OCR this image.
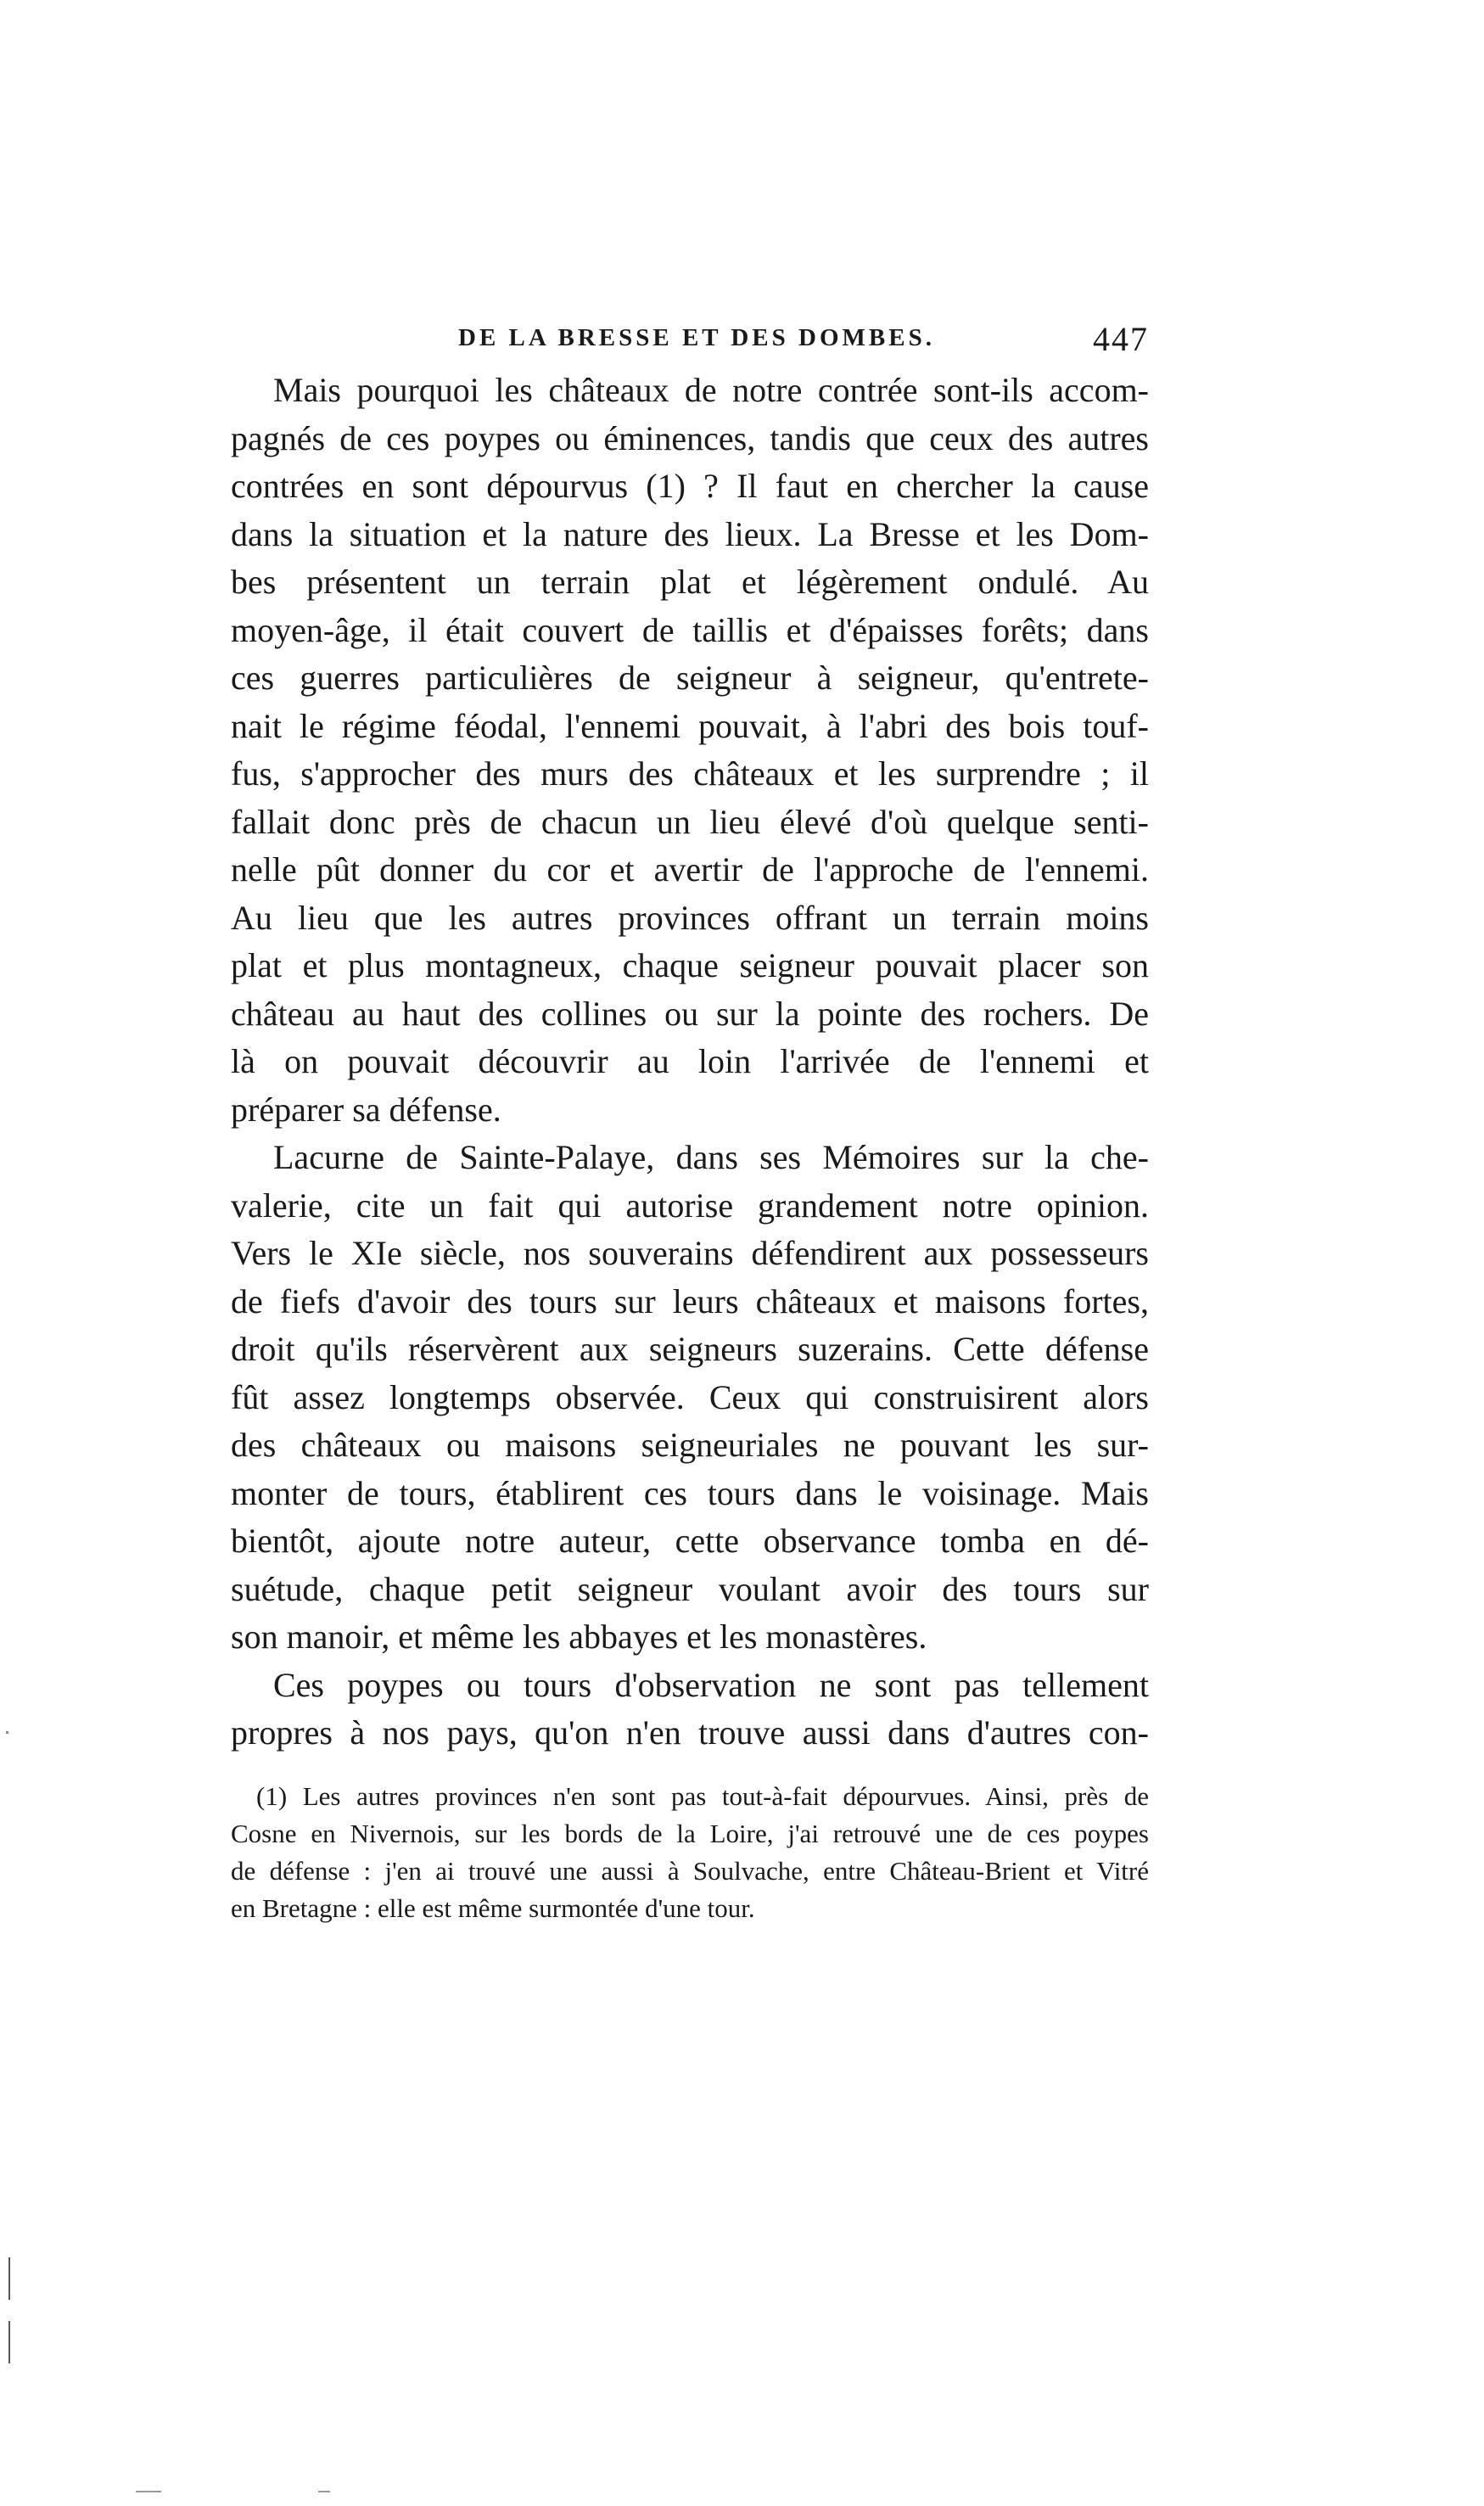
DE LA BRESSE ET DES DOMBES.	447
Mais pourquoi les châteaux de notre contrée sont-ils accom-
pagnés de ces poypes ou éminences, tandis que ceux des autres
contrées en sont dépourvus (1) ? Il faut en chercher la cause
dans la situation et la nature des lieux. La Bresse et les Dom-
bes présentent un terrain plat et légèrement ondulé. Au
moyen-âge, il était couvert de taillis et d'épaisses forêts; dans
ces guerres particulières de seigneur à seigneur, qu'entrete-
nait le régime féodal, l'ennemi pouvait, à l'abri des bois touf-
fus, s'approcher des murs des châteaux et les surprendre ; il
fallait donc près de chacun un lieu élevé d'où quelque senti-
nelle pût donner du cor et avertir de l'approche de l'ennemi.
Au lieu que les autres provinces offrant un terrain moins
plat et plus montagneux, chaque seigneur pouvait placer son
château au haut des collines ou sur la pointe des rochers. De
là on pouvait découvrir au loin l'arrivée de l'ennemi et
préparer sa défense.
Lacurne de Sainte-Palaye, dans ses Mémoires sur la che-
valerie, cite un fait qui autorise grandement notre opinion.
Vers le XIe siècle, nos souverains défendirent aux possesseurs
de fiefs d'avoir des tours sur leurs châteaux et maisons fortes,
droit qu'ils réservèrent aux seigneurs suzerains. Cette défense
fût assez longtemps observée. Ceux qui construisirent alors
des châteaux ou maisons seigneuriales ne pouvant les sur-
monter de tours, établirent ces tours dans le voisinage. Mais
bientôt, ajoute notre auteur, cette observance tomba en dé-
suétude, chaque petit seigneur voulant avoir des tours sur
son manoir, et même les abbayes et les monastères.
Ces poypes ou tours d'observation ne sont pas tellement
propres à nos pays, qu'on n'en trouve aussi dans d'autres con-
(1) Les autres provinces n'en sont pas tout-à-fait dépourvues. Ainsi, près de
Cosne en Nivernois, sur les bords de la Loire, j'ai retrouvé une de ces poypes
de défense : j'en ai trouvé une aussi à Soulvache, entre Château-Brient et Vitré
en Bretagne : elle est même surmontée d'une tour.
